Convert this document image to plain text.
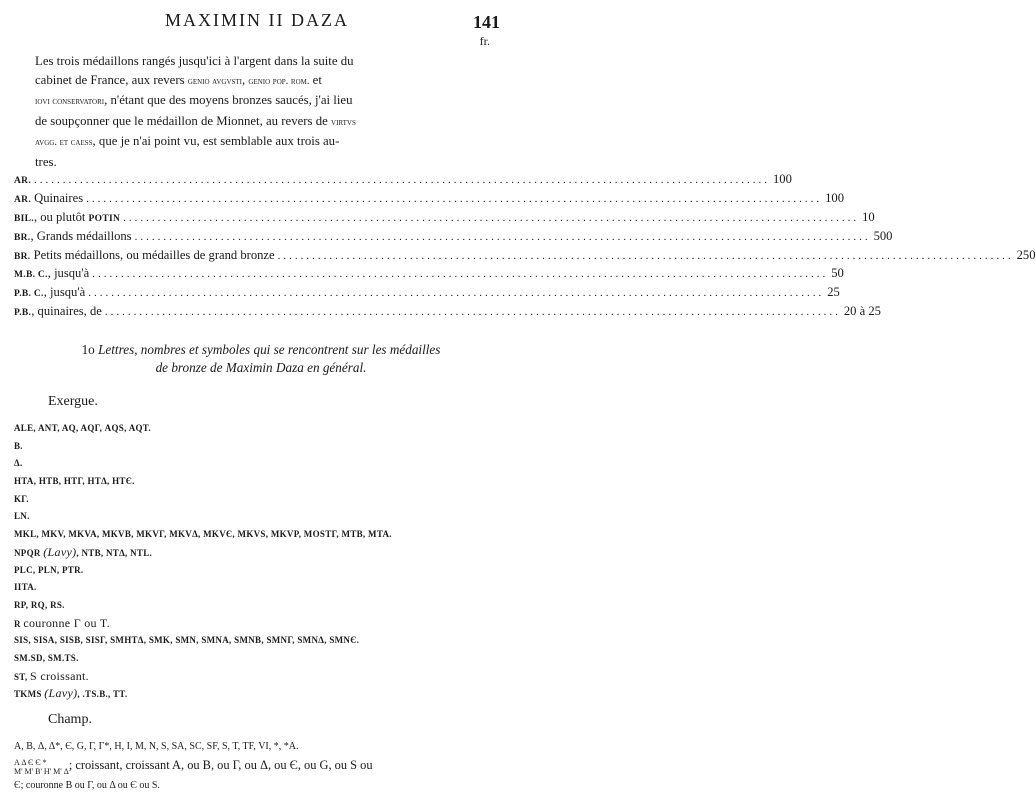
MAXIMIN II DAZA	141
fr.
Les trois médaillons rangés jusqu'ici à l'argent dans la suite du
cabinet de France, aux revers genio avgvsti, genio pop. rom. et
iovi conservatori, n'étant que des moyens bronzes saucés, j'ai lieu
de soupçonner que le médaillon de Mionnet, au revers de virtvs
avgg. et caess, que je n'ai point vu, est semblable aux trois au-
tres.
AR. ................................................................................................................................ 100
AR. Quinaires ................................................................................................................................ 100
BIL., ou plutôt POTIN ................................................................................................................................ 10
BR., Grands médaillons ................................................................................................................................ 500
BR. Petits médaillons, ou médailles de grand bronze ................................................................................................................................ 250
M.B. C., jusqu'à ................................................................................................................................ 50
P.B. C., jusqu'à ................................................................................................................................ 25
P.B., quinaires, de ................................................................................................................................ 20 à 25
1o Lettres, nombres et symboles qui se rencontrent sur les médailles
de bronze de Maximin Daza en général.
Exergue.
ALE, ANT, AQ, AQΓ, AQS, AQT.
B.
Δ.
HTA, HTB, HTΓ, HTΔ, HTЄ.
KΓ.
LN.
MKL, MKV, MKVA, MKVB, MKVΓ, MKVΔ, MKVЄ, MKVS, MKVP, MOSTΓ, MTB, MTA.
NPQR (Lavy), NTB, NTΔ, NTL.
PLC, PLN, PTR.
IITA.
RP, RQ, RS.
R couronne Γ ou T.
SIS, SISA, SISB, SISΓ, SMHTΔ, SMK, SMN, SMNA, SMNB, SMNΓ, SMNΔ, SMNЄ.
SM.SD, SM.TS.
ST, S croissant.
TKMS (Lavy), .TS.B., TT.
Champ.
A, B, Δ, Δ*, Є, G, Γ, Γ*, H, I, M, N, S, SA, SC, SF, S, T, TF, VI, *, *A.
A Δ Є Є *
M' M' B' Н' M' Δ; croissant, croissant A, ou B, ou Γ, ou Δ, ou Є, ou G, ou S ou
Є; couronne B ou Γ, ou Δ ou Є ou S.
